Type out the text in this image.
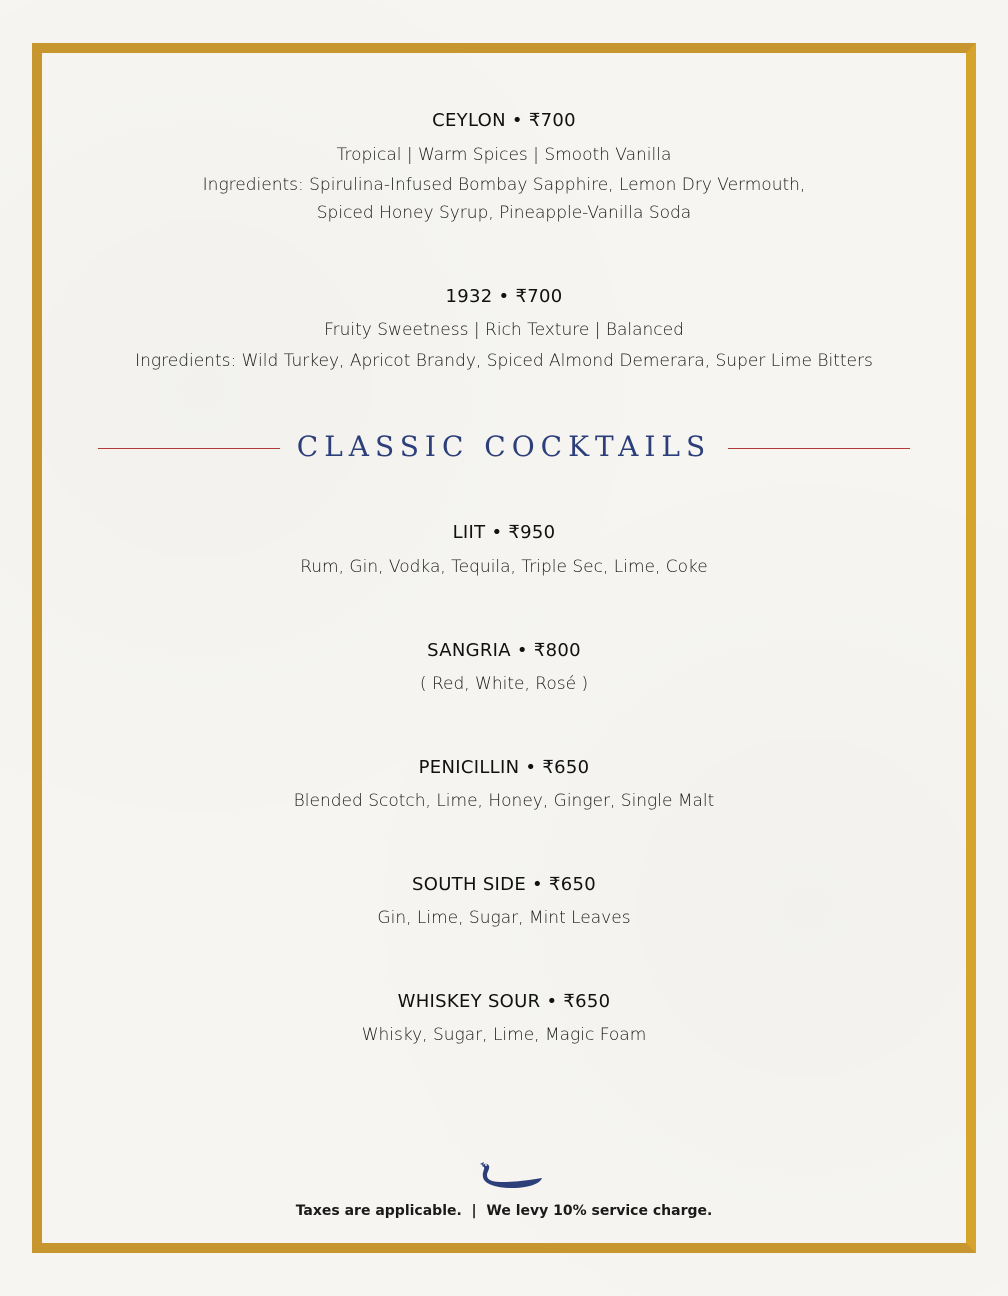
CEYLON • ₹700
Tropical | Warm Spices | Smooth Vanilla
Ingredients: Spirulina-Infused Bombay Sapphire, Lemon Dry Vermouth,
Spiced Honey Syrup, Pineapple-Vanilla Soda
1932 • ₹700
Fruity Sweetness | Rich Texture | Balanced
Ingredients: Wild Turkey, Apricot Brandy, Spiced Almond Demerara, Super Lime Bitters
CLASSIC COCKTAILS
LIIT • ₹950
Rum, Gin, Vodka, Tequila, Triple Sec, Lime, Coke
SANGRIA • ₹800
( Red, White, Rosé )
PENICILLIN • ₹650
Blended Scotch, Lime, Honey, Ginger, Single Malt
SOUTH SIDE • ₹650
Gin, Lime, Sugar, Mint Leaves
WHISKEY SOUR • ₹650
Whisky, Sugar, Lime, Magic Foam
Taxes are applicable.  |  We levy 10% service charge.
